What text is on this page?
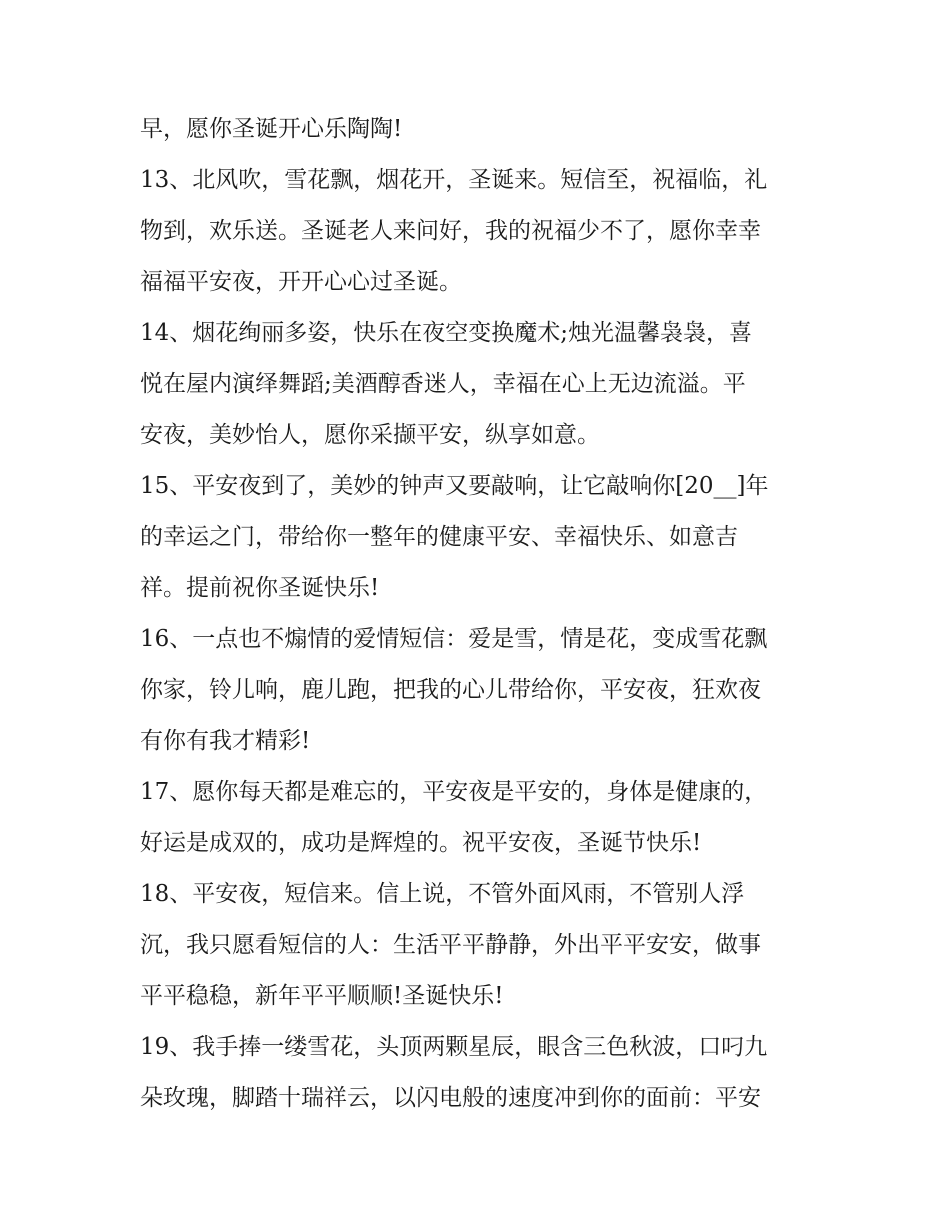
早，愿你圣诞开心乐陶陶!
13、北风吹，雪花飘，烟花开，圣诞来。短信至，祝福临，礼
物到，欢乐送。圣诞老人来问好，我的祝福少不了，愿你幸幸
福福平安夜，开开心心过圣诞。
14、烟花绚丽多姿，快乐在夜空变换魔术;烛光温馨袅袅，喜
悦在屋内演绎舞蹈;美酒醇香迷人，幸福在心上无边流溢。平
安夜，美妙怡人，愿你采撷平安，纵享如意。
15、平安夜到了，美妙的钟声又要敲响，让它敲响你[20__]年
的幸运之门，带给你一整年的健康平安、幸福快乐、如意吉
祥。提前祝你圣诞快乐!
16、一点也不煽情的爱情短信：爱是雪，情是花，变成雪花飘
你家，铃儿响，鹿儿跑，把我的心儿带给你，平安夜，狂欢夜
有你有我才精彩!
17、愿你每天都是难忘的，平安夜是平安的，身体是健康的，
好运是成双的，成功是辉煌的。祝平安夜，圣诞节快乐!
18、平安夜，短信来。信上说，不管外面风雨，不管别人浮
沉，我只愿看短信的人：生活平平静静，外出平平安安，做事
平平稳稳，新年平平顺顺!圣诞快乐!
19、我手捧一缕雪花，头顶两颗星辰，眼含三色秋波，口叼九
朵玫瑰，脚踏十瑞祥云，以闪电般的速度冲到你的面前：平安
